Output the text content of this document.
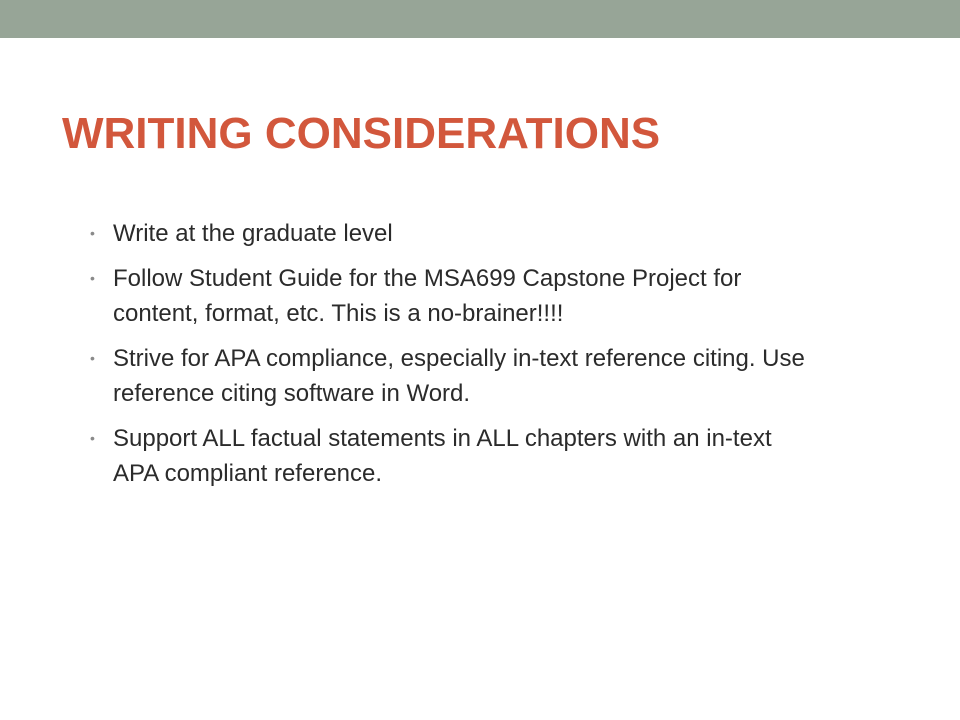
WRITING CONSIDERATIONS
• Write at the graduate level
• Follow Student Guide for the MSA699 Capstone Project for content, format, etc. This is a no-brainer!!!!
• Strive for APA compliance, especially in-text reference citing. Use reference citing software in Word.
• Support ALL factual statements in ALL chapters with an in-text APA compliant reference.
